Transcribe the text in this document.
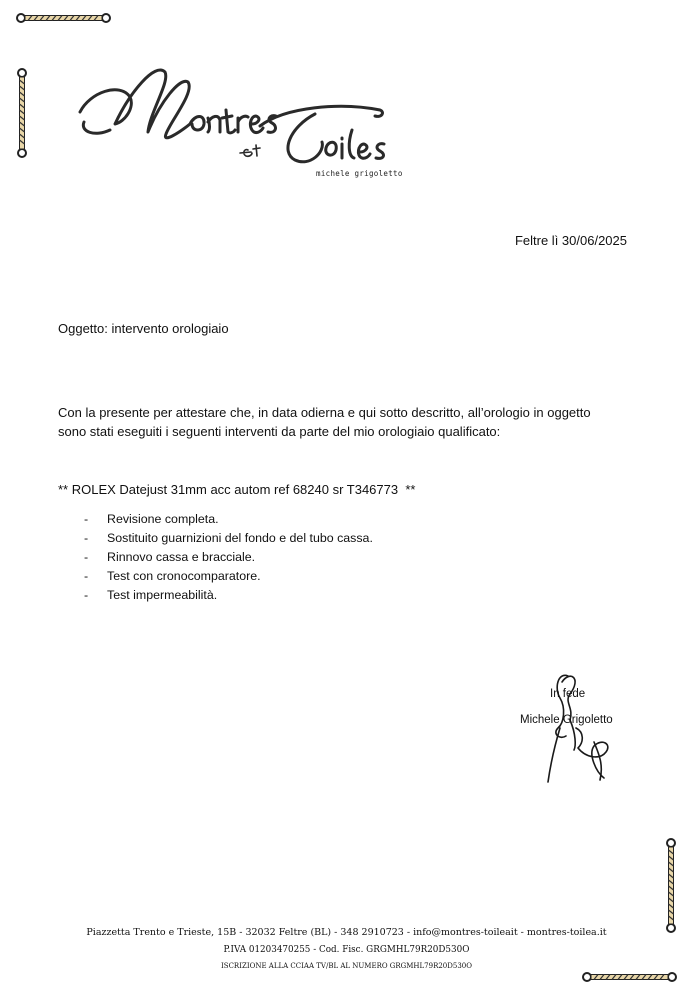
michele grigoletto
Feltre lì 30/06/2025
Oggetto: intervento orologiaio
Con la presente per attestare che, in data odierna e qui sotto descritto, all’orologio in oggetto
sono stati eseguiti i seguenti interventi da parte del mio orologiaio qualificato:
** ROLEX Datejust 31mm acc autom ref 68240 sr T346773  **
- Revisione completa.
- Sostituito guarnizioni del fondo e del tubo cassa.
- Rinnovo cassa e bracciale.
- Test con cronocomparatore.
- Test impermeabilità.
In fede
Michele Grigoletto
Piazzetta Trento e Trieste, 15B - 32032 Feltre (BL) - 348 2910723 - info@montres-toileait - montres-toilea.it
P.IVA 01203470255 - Cod. Fisc. GRGMHL79R20D530O
ISCRIZIONE ALLA CCIAA TV/BL AL NUMERO GRGMHL79R20D530O
